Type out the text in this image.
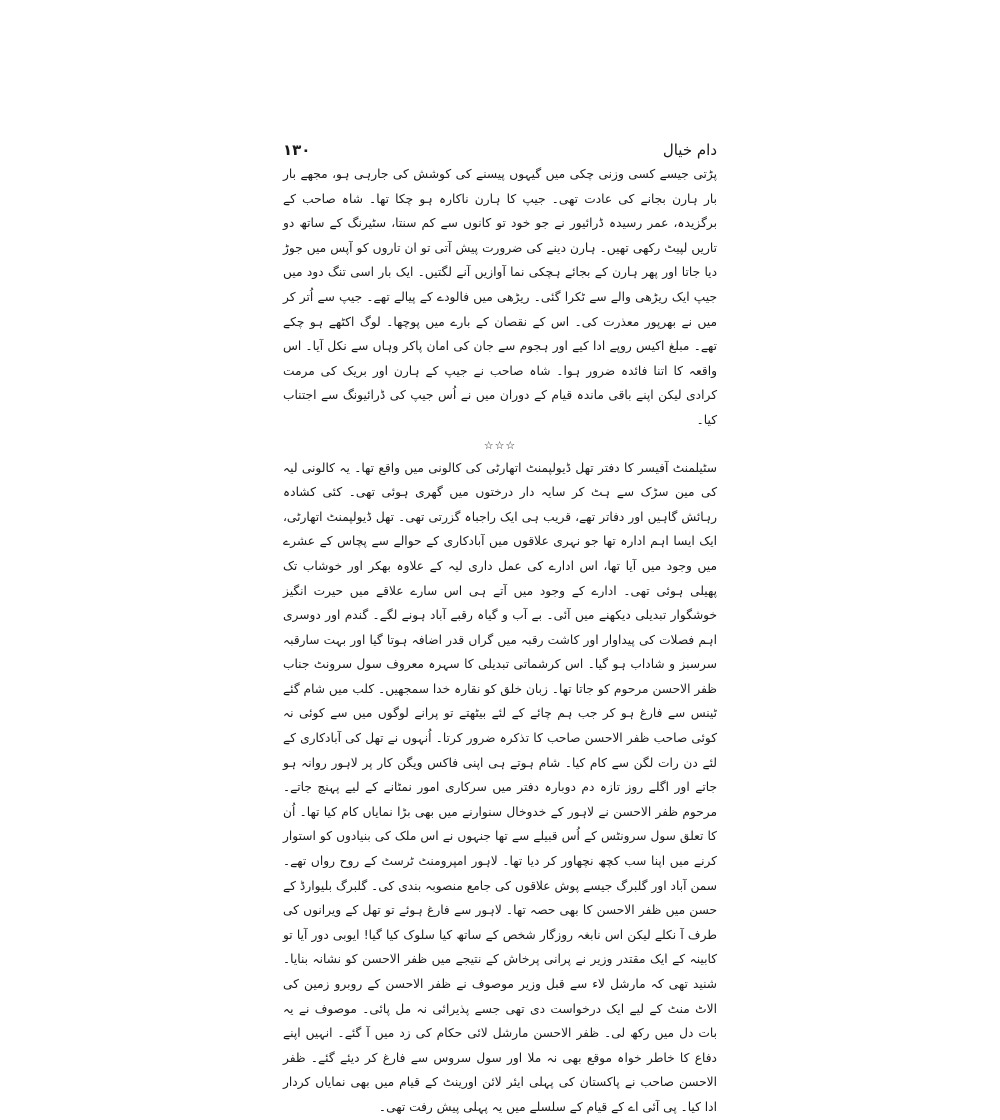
دام خیال
۱۳۰

پڑتی جیسے کسی وزنی چکی میں گیہوں پیسنے کی کوشش کی جارہی ہو، مجھے بار بار ہارن بجانے کی عادت تھی۔ جیپ کا ہارن ناکارہ ہو چکا تھا۔ شاہ صاحب کے برگزیدہ، عمر رسیدہ ڈرائیور نے جو خود تو کانوں سے کم سنتا، سٹیرنگ کے ساتھ دو تاریں لپیٹ رکھی تھیں۔ ہارن دینے کی ضرورت پیش آتی تو ان تاروں کو آپس میں جوڑ دیا جاتا اور پھر ہارن کے بجائے ہچکی نما آوازیں آنے لگتیں۔ ایک بار اسی تنگ دود میں جیپ ایک ریڑھی والے سے ٹکرا گئی۔ ریڑھی میں فالودے کے پیالے تھے۔ جیپ سے اُتر کر میں نے بھرپور معذرت کی۔ اس کے نقصان کے بارے میں پوچھا۔ لوگ اکٹھے ہو چکے تھے۔ مبلغ اکیس روپے ادا کیے اور ہجوم سے جان کی امان پاکر وہاں سے نکل آیا۔ اس واقعہ کا اتنا فائدہ ضرور ہوا۔ شاہ صاحب نے جیپ کے ہارن اور بریک کی مرمت کرادی لیکن اپنے باقی ماندہ قیام کے دوران میں نے اُس جیپ کی ڈرائیونگ سے اجتناب کیا۔

☆☆☆

سٹیلمنٹ آفیسر کا دفتر تھل ڈیولپمنٹ اتھارٹی کی کالونی میں واقع تھا۔ یہ کالونی لیہ کی مین سڑک سے ہٹ کر سایہ دار درختوں میں گھری ہوئی تھی۔ کئی کشادہ رہائش گاہیں اور دفاتر تھے، قریب ہی ایک راجباہ گزرتی تھی۔ تھل ڈیولپمنٹ اتھارٹی، ایک ایسا اہم ادارہ تھا جو نہری علاقوں میں آبادکاری کے حوالے سے پچاس کے عشرے میں وجود میں آیا تھا، اس ادارے کی عمل داری لیہ کے علاوہ بھکر اور خوشاب تک پھیلی ہوئی تھی۔ ادارے کے وجود میں آتے ہی اس سارے علاقے میں حیرت انگیز خوشگوار تبدیلی دیکھنے میں آئی۔ بے آب و گیاہ رقبے آباد ہونے لگے۔ گندم اور دوسری اہم فصلات کی پیداوار اور کاشت رقبہ میں گراں قدر اضافہ ہوتا گیا اور بہت سارقبہ سرسبز و شاداب ہو گیا۔ اس کرشماتی تبدیلی کا سہرہ معروف سول سرونٹ جناب ظفر الاحسن مرحوم کو جاتا تھا۔ زبان خلق کو نقارہ خدا سمجھیں۔ کلب میں شام گئے ٹینس سے فارغ ہو کر جب ہم چائے کے لئے بیٹھتے تو پرانے لوگوں میں سے کوئی نہ کوئی صاحب ظفر الاحسن صاحب کا تذکرہ ضرور کرتا۔ اُنہوں نے تھل کی آبادکاری کے لئے دن رات لگن سے کام کیا۔ شام ہوتے ہی اپنی فاکس ویگن کار پر لاہور روانہ ہو جاتے اور اگلے روز تازہ دم دوبارہ دفتر میں سرکاری امور نمٹانے کے لیے پہنچ جاتے۔ مرحوم ظفر الاحسن نے لاہور کے خدوخال سنوارنے میں بھی بڑا نمایاں کام کیا تھا۔ اُن کا تعلق سول سرونٹس کے اُس قبیلے سے تھا جنہوں نے اس ملک کی بنیادوں کو استوار کرنے میں اپنا سب کچھ نچھاور کر دیا تھا۔ لاہور امپرومنٹ ٹرسٹ کے روح رواں تھے۔ سمن آباد اور گلبرگ جیسے پوش علاقوں کی جامع منصوبہ بندی کی۔ گلبرگ بلیوارڈ کے حسن میں ظفر الاحسن کا بھی حصہ تھا۔ لاہور سے فارغ ہوئے تو تھل کے ویرانوں کی طرف آ نکلے لیکن اس نابغہ روزگار شخص کے ساتھ کیا سلوک کیا گیا! ایوبی دور آیا تو کابینہ کے ایک مقتدر وزیر نے پرانی پرخاش کے نتیجے میں ظفر الاحسن کو نشانہ بنایا۔ شنید تھی کہ مارشل لاء سے قبل وزیر موصوف نے ظفر الاحسن کے روبرو زمین کی الاٹ منٹ کے لیے ایک درخواست دی تھی جسے پذیرائی نہ مل پائی۔ موصوف نے یہ بات دل میں رکھ لی۔ ظفر الاحسن مارشل لائی حکام کی زد میں آ گئے۔ انہیں اپنے دفاع کا خاطر خواہ موقع بھی نہ ملا اور سول سروس سے فارغ کر دیئے گئے۔ ظفر الاحسن صاحب نے پاکستان کی پہلی ایئر لائن اورینٹ کے قیام میں بھی نمایاں کردار ادا کیا۔ پی آئی اے کے قیام کے سلسلے میں یہ پہلی پیش رفت تھی۔
